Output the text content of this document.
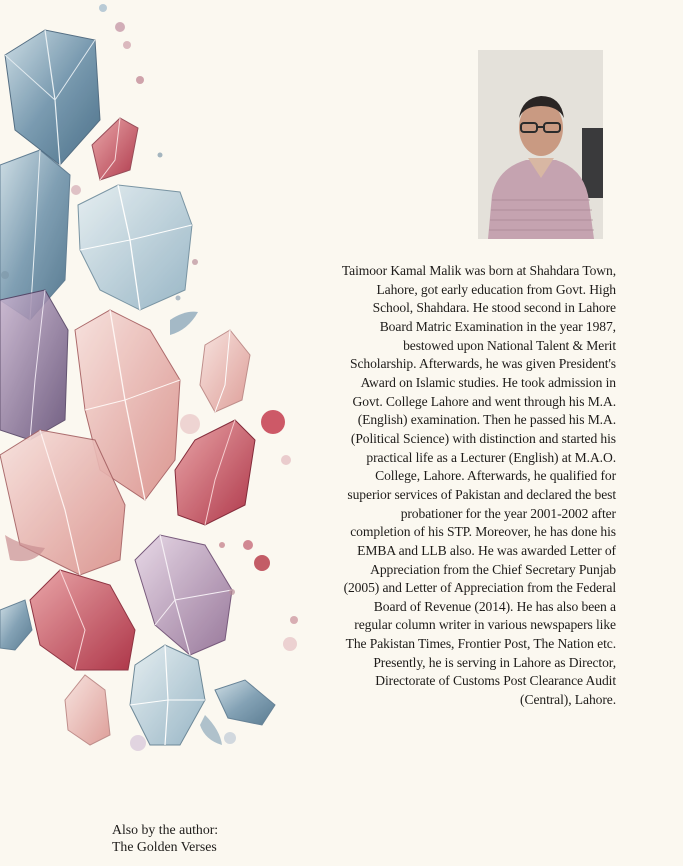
Taimoor Kamal Malik was born at Shahdara Town, Lahore, got early education from Govt. High School, Shahdara. He stood second in Lahore Board Matric Examination in the year 1987, bestowed upon National Talent & Merit Scholarship. Afterwards, he was given President's Award on Islamic studies. He took admission in Govt. College Lahore and went through his M.A. (English) examination. Then he passed his M.A. (Political Science) with distinction and started his practical life as a Lecturer (English) at M.A.O. College, Lahore. Afterwards, he qualified for superior services of Pakistan and declared the best probationer for the year 2001-2002 after completion of his STP. Moreover, he has done his EMBA and LLB also. He was awarded Letter of Appreciation from the Chief Secretary Punjab (2005) and Letter of Appreciation from the Federal Board of Revenue (2014). He has also been a regular column writer in various newspapers like The Pakistan Times, Frontier Post, The Nation etc. Presently, he is serving in Lahore as Director, Directorate of Customs Post Clearance Audit (Central), Lahore.

Also by the author:
The Golden Verses
